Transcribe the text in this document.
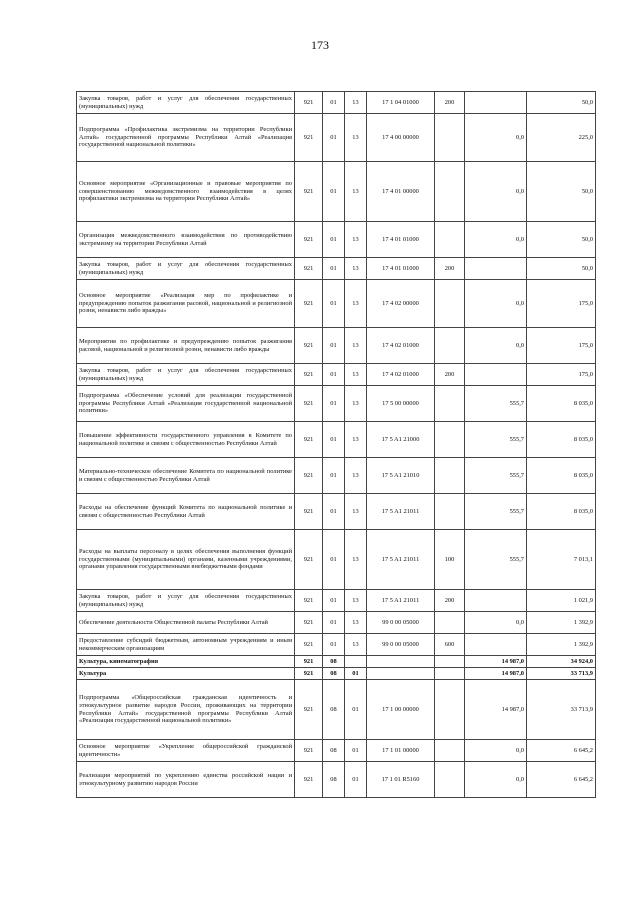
173
Закупка товаров, работ и услуг для обеспечения государственных (муниципальных) нужд	921	01	13	17 1 04 01000	200		50,0
Подпрограмма «Профилактика экстремизма на территории Республики Алтай» государственной программы Республики Алтай «Реализация государственной национальной политики»	921	01	13	17 4 00 00000		0,0	225,0
Основное мероприятие «Организационные и правовые мероприятия по совершенствованию межведомственного взаимодействия в целях профилактики экстремизма на территории Республики Алтай»	921	01	13	17 4 01 00000		0,0	50,0
Организация межведомственного взаимодействия по противодействию экстремизму на территории Республики Алтай	921	01	13	17 4 01 01000		0,0	50,0
Закупка товаров, работ и услуг для обеспечения государственных (муниципальных) нужд	921	01	13	17 4 01 01000	200		50,0
Основное мероприятие «Реализация мер по профилактике и предупреждению попыток разжигания расовой, национальной и религиозной розни, ненависти либо вражды»	921	01	13	17 4 02 00000		0,0	175,0
Мероприятия по профилактике и предупреждению попыток разжигания расовой, национальной и религиозной розни, ненависти либо вражды	921	01	13	17 4 02 01000		0,0	175,0
Закупка товаров, работ и услуг для обеспечения государственных (муниципальных) нужд	921	01	13	17 4 02 01000	200		175,0
Подпрограмма «Обеспечение условий для реализации государственной программы Республики Алтай «Реализация государственной национальной политики»	921	01	13	17 5 00 00000		555,7	8 035,0
Повышение эффективности государственного управления в Комитете по национальной политике и связям с общественностью Республики Алтай	921	01	13	17 5 A1 21000		555,7	8 035,0
Материально-техническое обеспечение Комитета по национальной политике и связям с общественностью Республики Алтай	921	01	13	17 5 A1 21010		555,7	8 035,0
Расходы на обеспечение функций Комитета по национальной политике и связям с общественностью Республики Алтай	921	01	13	17 5 A1 21011		555,7	8 035,0
Расходы на выплаты персоналу в целях обеспечения выполнения функций государственными (муниципальными) органами, казенными учреждениями, органами управления государственными внебюджетными фондами	921	01	13	17 5 A1 21011	100	555,7	7 013,1
Закупка товаров, работ и услуг для обеспечения государственных (муниципальных) нужд	921	01	13	17 5 A1 21011	200		1 021,9
Обеспечение деятельности Общественной палаты Республики Алтай	921	01	13	99 0 00 05000		0,0	1 392,9
Предоставление субсидий бюджетным, автономным учреждениям и иным некоммерческим организациям	921	01	13	99 0 00 05000	600		1 392,9
Культура, кинематография	921	08				14 987,0	34 924,0
Культура	921	08	01			14 987,0	33 713,9
Подпрограмма «Общероссийская гражданская идентичность и этнокультурное развитие народов России, проживающих на территории Республики Алтай» государственной программы Республики Алтай «Реализация государственной национальной политики»	921	08	01	17 1 00 00000		14 987,0	33 713,9
Основное мероприятие «Укрепление общероссийской гражданской идентичности»	921	08	01	17 1 01 00000		0,0	6 645,2
Реализация мероприятий по укреплению единства российской нации и этнокультурному развитию народов России	921	08	01	17 1 01 R5160		0,0	6 645,2
